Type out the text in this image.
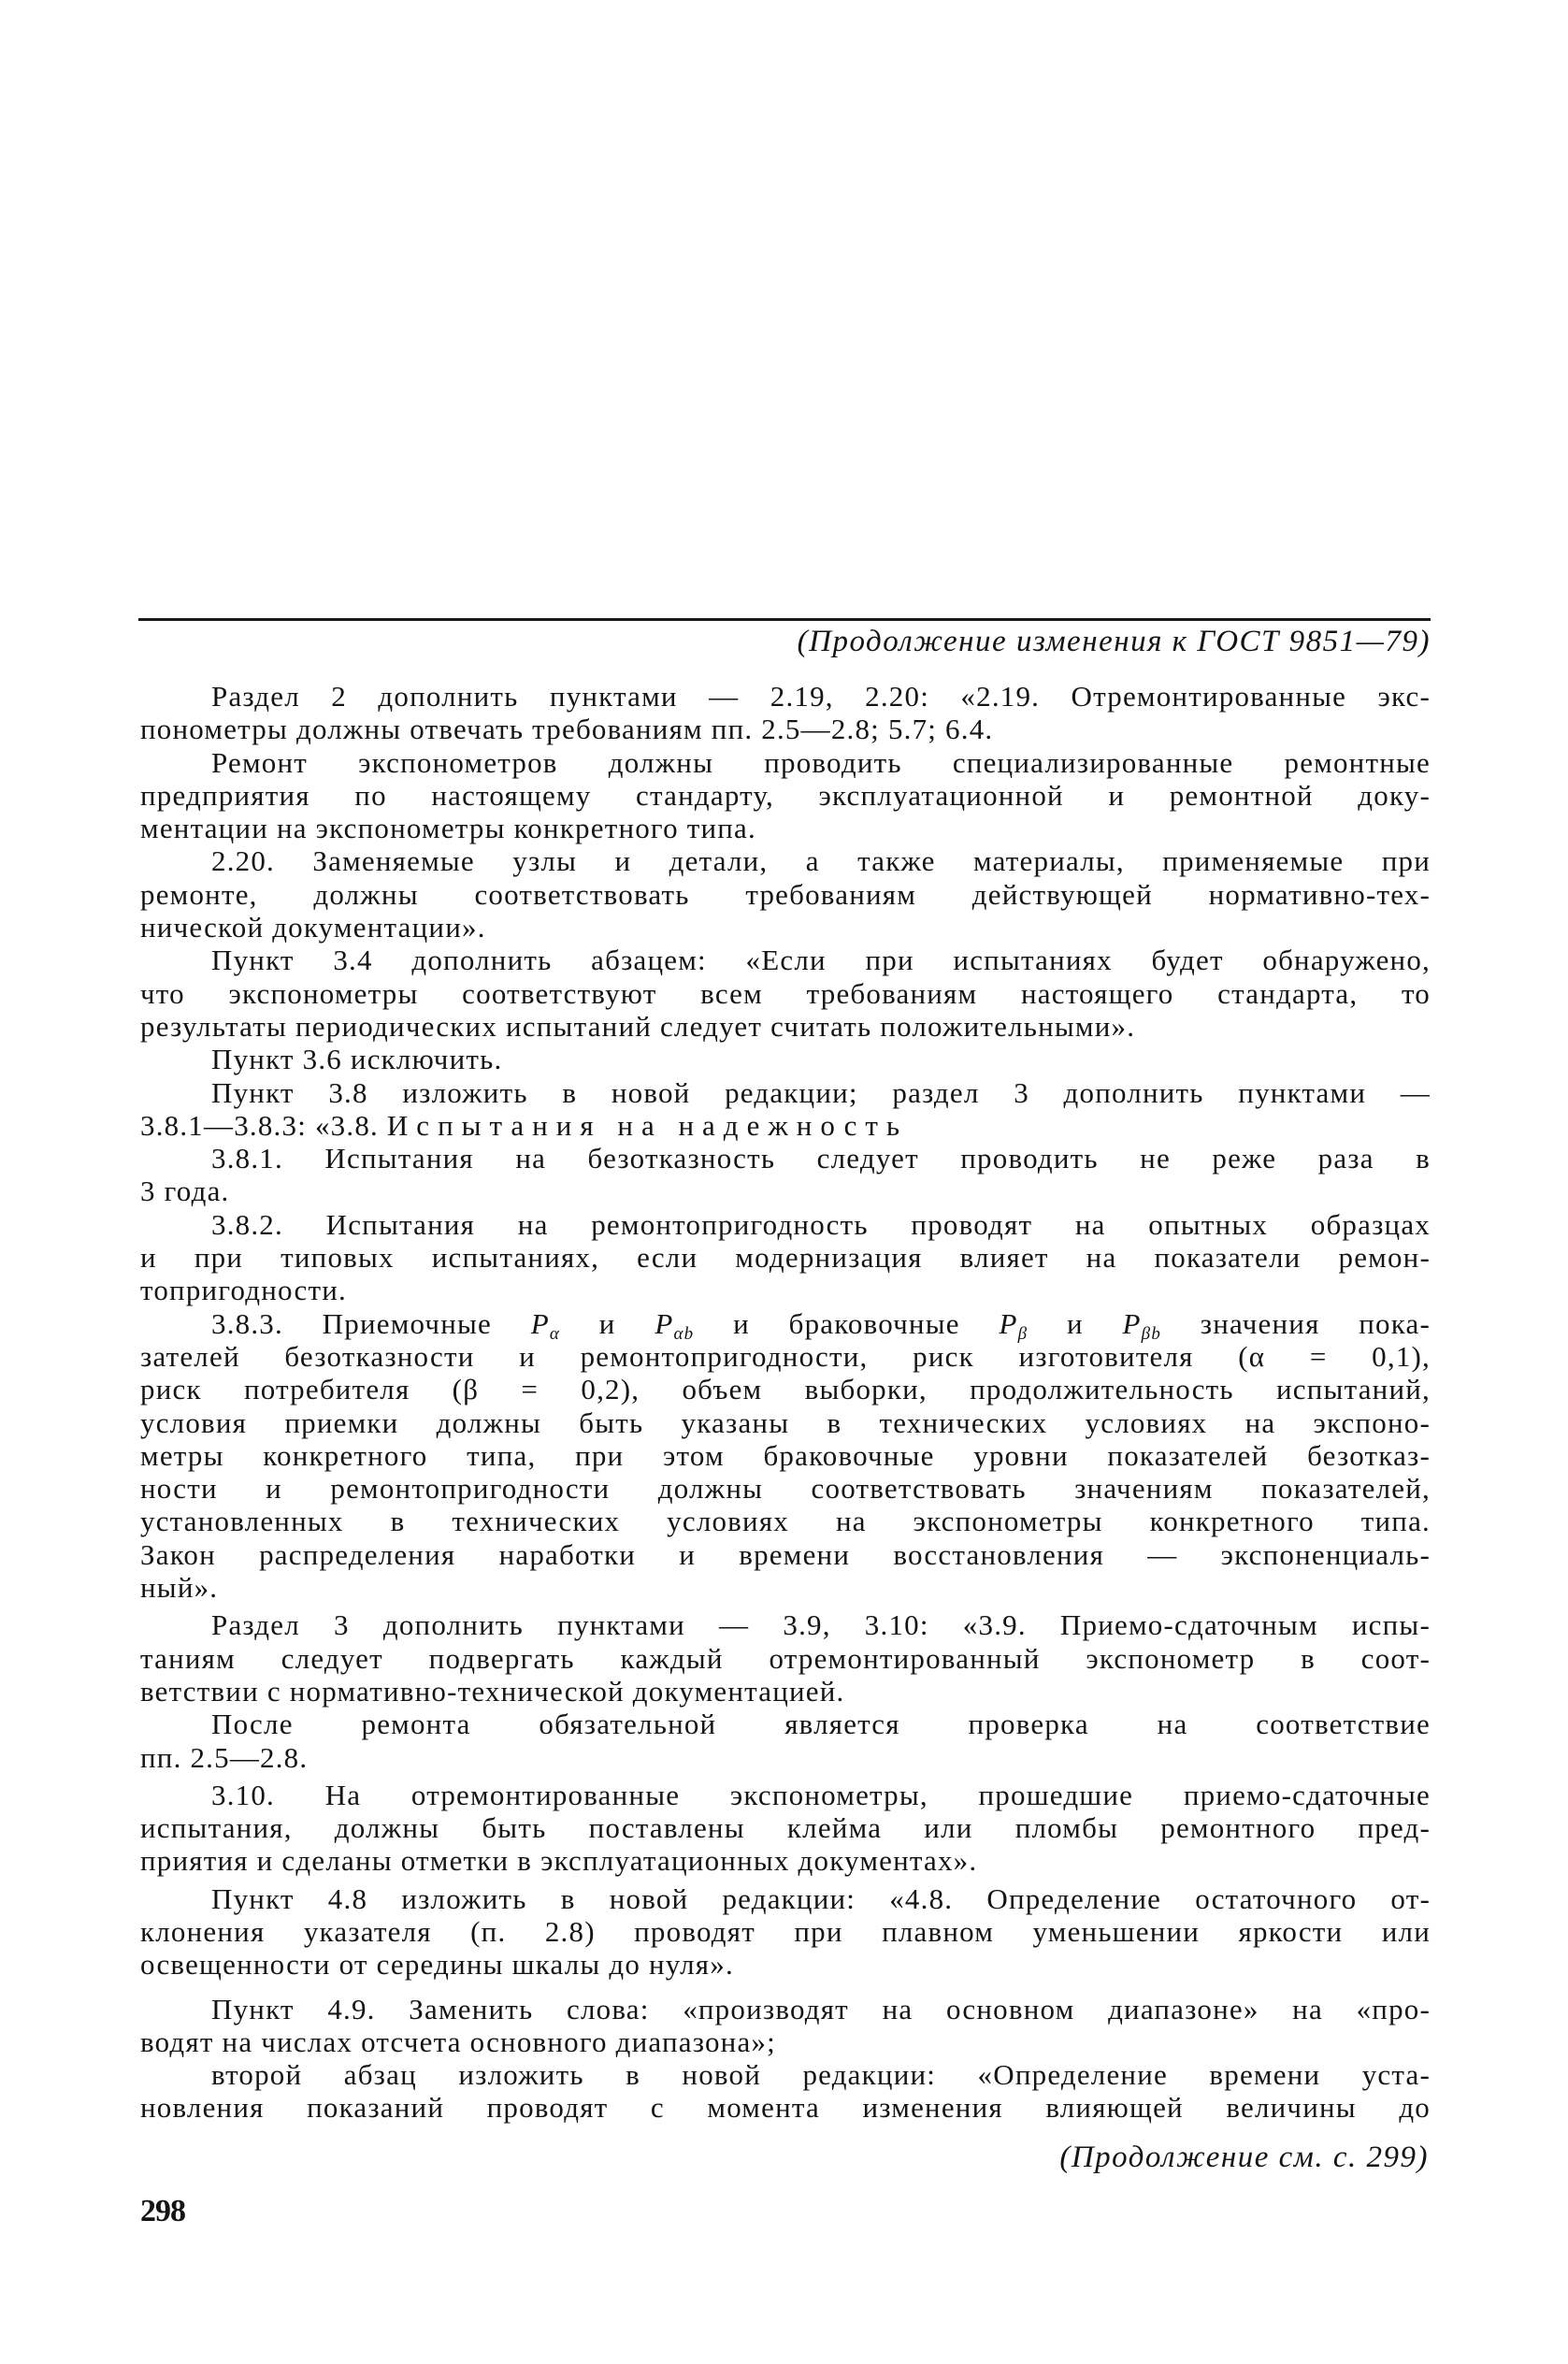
(Продолжение изменения к ГОСТ 9851—79)
Раздел 2 дополнить пунктами — 2.19, 2.20: «2.19. Отремонтированные экс-
понометры должны отвечать требованиям пп. 2.5—2.8; 5.7; 6.4.
Ремонт экспонометров должны проводить специализированные ремонтные
предприятия по настоящему стандарту, эксплуатационной и ремонтной доку-
ментации на экспонометры конкретного типа.
2.20. Заменяемые узлы и детали, а также материалы, применяемые при
ремонте, должны соответствовать требованиям действующей нормативно-тех-
нической документации».
Пункт 3.4 дополнить абзацем: «Если при испытаниях будет обнаружено,
что экспонометры соответствуют всем требованиям настоящего стандарта, то
результаты периодических испытаний следует считать положительными».
Пункт 3.6 исключить.
Пункт 3.8 изложить в новой редакции; раздел 3 дополнить пунктами —
3.8.1—3.8.3: «3.8. Испытания на надежность
3.8.1. Испытания на безотказность следует проводить не реже раза в
3 года.
3.8.2. Испытания на ремонтопригодность проводят на опытных образцах
и при типовых испытаниях, если модернизация влияет на показатели ремон-
топригодности.
3.8.3. Приемочные $P_\alpha$ и $P_{\alpha b}$ и браковочные $P_\beta$ и $P_{\beta b}$ значения пока-
зателей безотказности и ремонтопригодности, риск изготовителя (α = 0,1),
риск потребителя (β = 0,2), объем выборки, продолжительность испытаний,
условия приемки должны быть указаны в технических условиях на экспоно-
метры конкретного типа, при этом браковочные уровни показателей безотказ-
ности и ремонтопригодности должны соответствовать значениям показателей,
установленных в технических условиях на экспонометры конкретного типа.
Закон распределения наработки и времени восстановления — экспоненциаль-
ный».
Раздел 3 дополнить пунктами — 3.9, 3.10: «3.9. Приемо-сдаточным испы-
таниям следует подвергать каждый отремонтированный экспонометр в соот-
ветствии с нормативно-технической документацией.
После ремонта обязательной является проверка на соответствие
пп. 2.5—2.8.
3.10. На отремонтированные экспонометры, прошедшие приемо-сдаточные
испытания, должны быть поставлены клейма или пломбы ремонтного пред-
приятия и сделаны отметки в эксплуатационных документах».
Пункт 4.8 изложить в новой редакции: «4.8. Определение остаточного от-
клонения указателя (п. 2.8) проводят при плавном уменьшении яркости или
освещенности от середины шкалы до нуля».
Пункт 4.9. Заменить слова: «производят на основном диапазоне» на «про-
водят на числах отсчета основного диапазона»;
второй абзац изложить в новой редакции: «Определение времени уста-
новления показаний проводят с момента изменения влияющей величины до
(Продолжение см. с. 299)
298
